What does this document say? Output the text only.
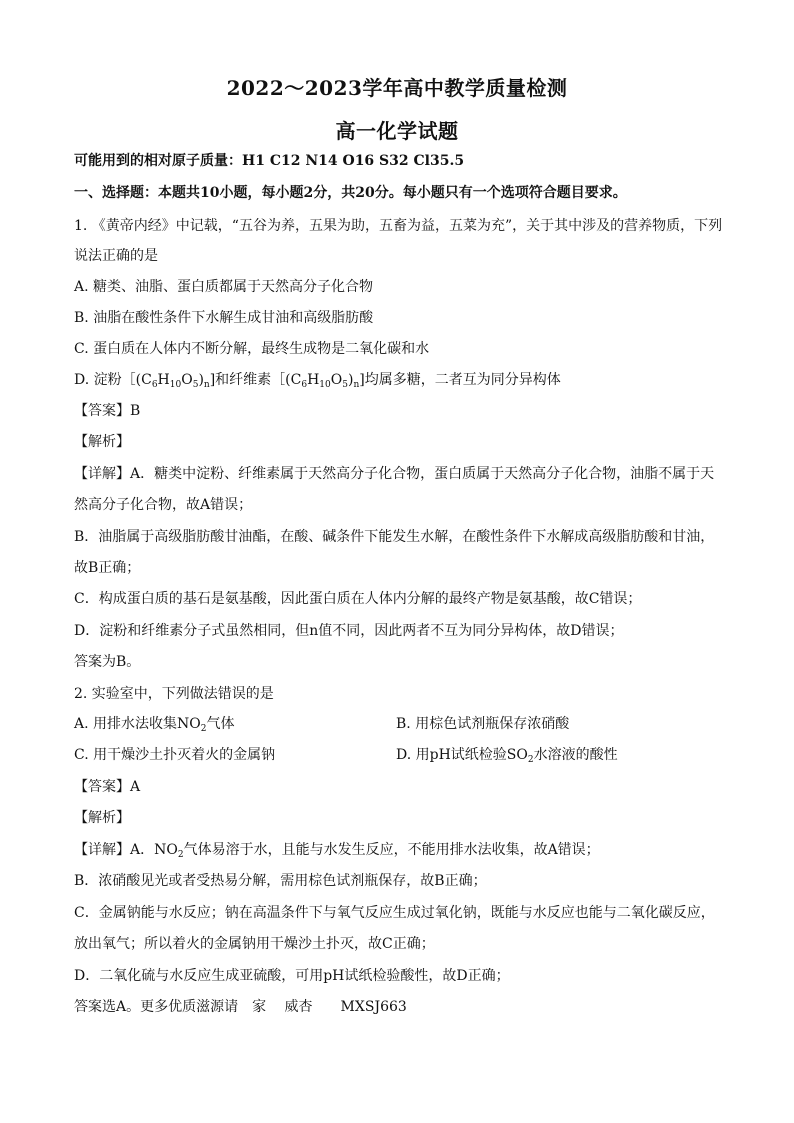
2022～2023学年高中教学质量检测
高一化学试题
可能用到的相对原子质量：H1 C12 N14 O16 S32 Cl35.5
一、选择题：本题共10小题，每小题2分，共20分。每小题只有一个选项符合题目要求。
1. 《黄帝内经》中记载，“五谷为养，五果为助，五畜为益，五菜为充”，关于其中涉及的营养物质，下列
说法正确的是
A. 糖类、油脂、蛋白质都属于天然高分子化合物
B. 油脂在酸性条件下水解生成甘油和高级脂肪酸
C. 蛋白质在人体内不断分解，最终生成物是二氧化碳和水
D. 淀粉$[(C_6H_{10}O_5)_n$]和纤维素$[(C_6H_{10}O_5)_n$]均属多糖，二者互为同分异构体
【答案】B
【解析】
【详解】A．糖类中淀粉、纤维素属于天然高分子化合物，蛋白质属于天然高分子化合物，油脂不属于天
然高分子化合物，故A错误；
B．油脂属于高级脂肪酸甘油酯，在酸、碱条件下能发生水解，在酸性条件下水解成高级脂肪酸和甘油，
故B正确；
C．构成蛋白质的基石是氨基酸，因此蛋白质在人体内分解的最终产物是氨基酸，故C错误；
D．淀粉和纤维素分子式虽然相同，但n值不同，因此两者不互为同分异构体，故D错误；
答案为B。
2. 实验室中，下列做法错误的是
A. 用排水法收集$NO_2$气体	B. 用棕色试剂瓶保存浓硝酸
C. 用干燥沙土扑灭着火的金属钠	D. 用pH试纸检验$SO_2$水溶液的酸性
【答案】A
【解析】
【详解】A．$NO_2$气体易溶于水，且能与水发生反应，不能用排水法收集，故A错误；
B．浓硝酸见光或者受热易分解，需用棕色试剂瓶保存，故B正确；
C．金属钠能与水反应；钠在高温条件下与氧气反应生成过氧化钠，既能与水反应也能与二氧化碳反应，
放出氧气；所以着火的金属钠用干燥沙土扑灭，故C正确；
D．二氧化硫与水反应生成亚硫酸，可用pH试纸检验酸性，故D正确；
答案选A。更多优质滋源请　家　 威杏　　MXSJ663
